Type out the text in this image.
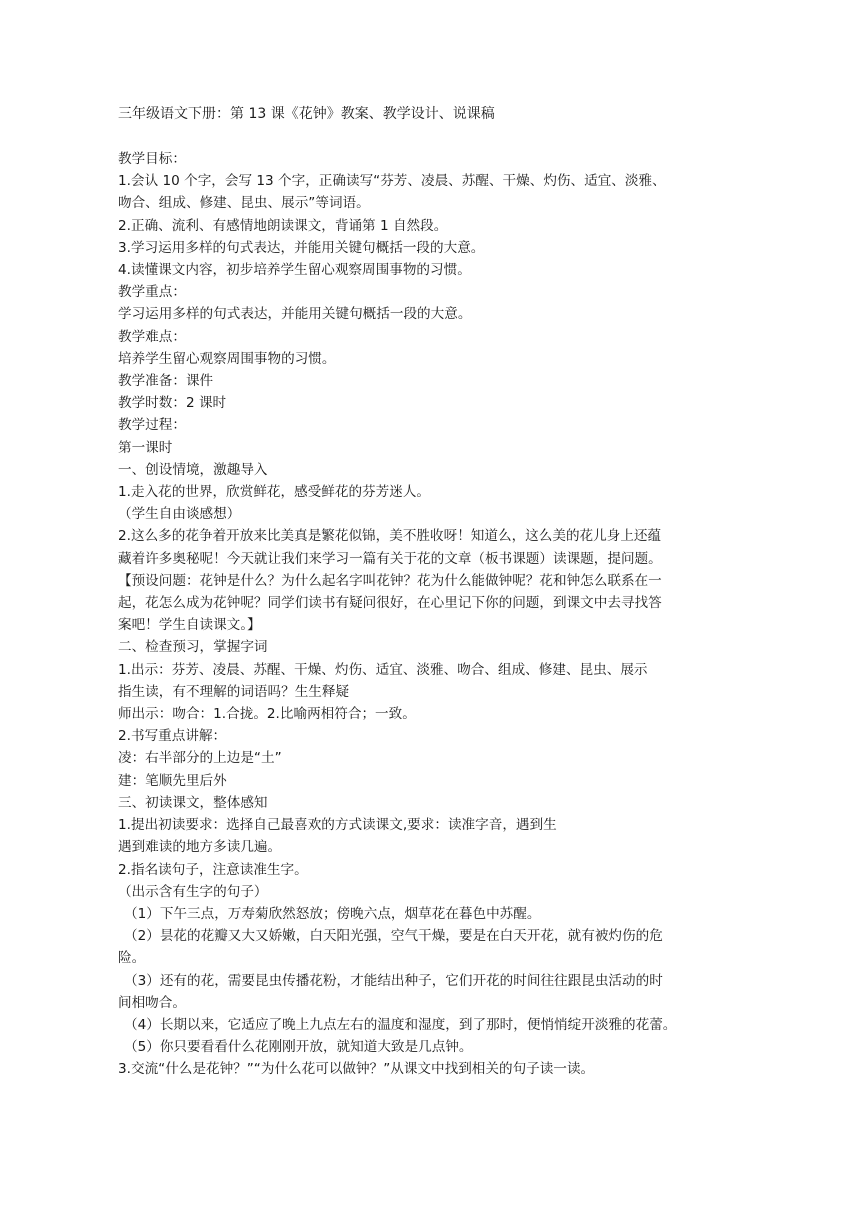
三年级语文下册：第 13 课《花钟》教案、教学设计、说课稿
教学目标：
1.会认 10 个字，会写 13 个字，正确读写“芬芳、凌晨、苏醒、干燥、灼伤、适宜、淡雅、
吻合、组成、修建、昆虫、展示”等词语。
2.正确、流利、有感情地朗读课文，背诵第 1 自然段。
3.学习运用多样的句式表达，并能用关键句概括一段的大意。
4.读懂课文内容，初步培养学生留心观察周围事物的习惯。
教学重点：
学习运用多样的句式表达，并能用关键句概括一段的大意。
教学难点：
培养学生留心观察周围事物的习惯。
教学准备：课件
教学时数：2 课时
教学过程：
第一课时
一、创设情境，激趣导入
1.走入花的世界，欣赏鲜花，感受鲜花的芬芳迷人。
（学生自由谈感想）
2.这么多的花争着开放来比美真是繁花似锦，美不胜收呀！知道么，这么美的花儿身上还蕴
藏着许多奥秘呢！今天就让我们来学习一篇有关于花的文章（板书课题）读课题，提问题。
【预设问题：花钟是什么？为什么起名字叫花钟？花为什么能做钟呢？花和钟怎么联系在一
起，花怎么成为花钟呢？同学们读书有疑问很好，在心里记下你的问题，到课文中去寻找答
案吧！学生自读课文。】
二、检查预习，掌握字词
1.出示：芬芳、凌晨、苏醒、干燥、灼伤、适宜、淡雅、吻合、组成、修建、昆虫、展示
指生读，有不理解的词语吗？生生释疑
师出示：吻合：1.合拢。2.比喻两相符合；一致。
2.书写重点讲解：
凌：右半部分的上边是“土”
建：笔顺先里后外
三、初读课文，整体感知
1.提出初读要求：选择自己最喜欢的方式读课文,要求：读准字音，遇到生
遇到难读的地方多读几遍。
2.指名读句子，注意读准生字。
（出示含有生字的句子）
（1）下午三点，万寿菊欣然怒放；傍晚六点，烟草花在暮色中苏醒。
（2）昙花的花瓣又大又娇嫩，白天阳光强，空气干燥，要是在白天开花，就有被灼伤的危
险。
（3）还有的花，需要昆虫传播花粉，才能结出种子，它们开花的时间往往跟昆虫活动的时
间相吻合。
（4）长期以来，它适应了晚上九点左右的温度和湿度，到了那时，便悄悄绽开淡雅的花蕾。
（5）你只要看看什么花刚刚开放，就知道大致是几点钟。
3.交流“什么是花钟？”“为什么花可以做钟？”从课文中找到相关的句子读一读。
